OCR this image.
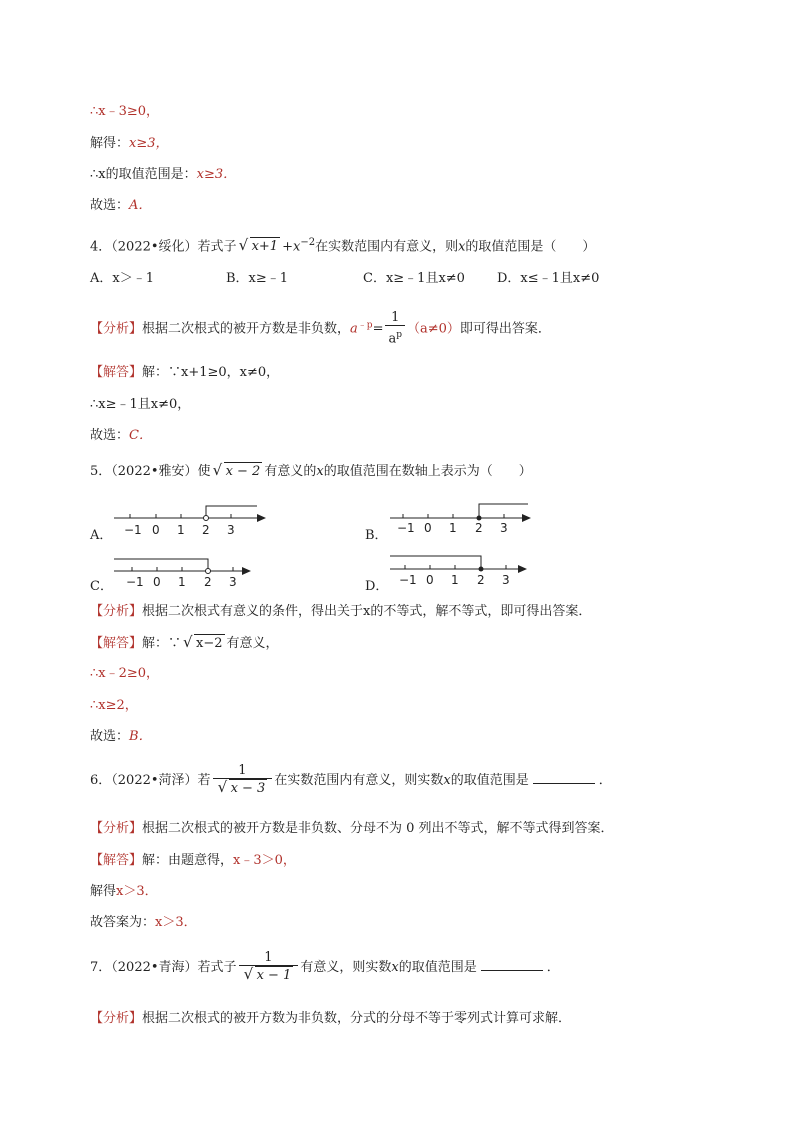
∴x﹣3≥0，
解得：x≥3，
∴x的取值范围是：x≥3．
故选：A．
4．（2022•绥化）若式子 √ $x+1 +x^{-2}$在实数范围内有意义，则x的取值范围是（　　）
A．x＞﹣1	B．x≥﹣1	C．x≥﹣1且x≠0 D．x≤﹣1且x≠0
【分析】根据二次根式的被开方数是非负数，$a^{﹣p}= \frac{1}{a^p} (a\ne 0)$即可得出答案．
【解答】解：∵x+1≥0，x≠0，
∴x≥﹣1且x≠0，
故选：C．
5．（2022•雅安）使 √ x − 2 有意义的x的取值范围在数轴上表示为（　　）
A． −1 0 1 2 3	B． −1 0 1 2 3
C． −1 0 1 2 3	D． −1 0 1 2 3
【分析】根据二次根式有意义的条件，得出关于x的不等式，解不等式，即可得出答案．
【解答】解：∵ √ x−2 有意义，
∴x﹣2≥0，
∴x≥2，
故选：B．
6．（2022•菏泽）若 $\frac{1}{√ x - 3}$ 在实数范围内有意义，则实数x的取值范围是	．
【分析】根据二次根式的被开方数是非负数、分母不为 0 列出不等式，解不等式得到答案．
【解答】解：由题意得，x﹣3＞0，
解得x＞3．
故答案为：x＞3．
7．（2022•青海）若式子 $\frac{1}{√ x - 1}$ 有意义，则实数x的取值范围是	．
【分析】根据二次根式的被开方数为非负数，分式的分母不等于零列式计算可求解．
